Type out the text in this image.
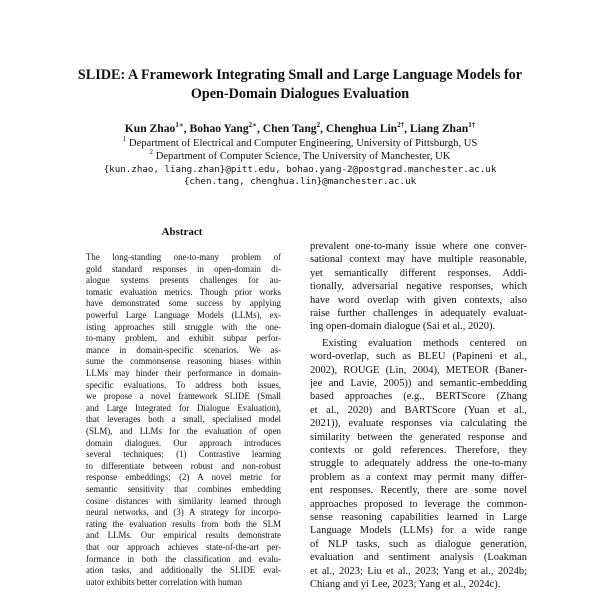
SLIDE: A Framework Integrating Small and Large Language Models for
Open-Domain Dialogues Evaluation
Kun Zhao$^{1∗}$, Bohao Yang$^{2∗}$, Chen Tang$^2$, Chenghua Lin$^{2\dagger}$, Liang Zhan$^{1\dagger}$
$^1$ Department of Electrical and Computer Engineering, University of Pittsburgh, US
$^2$ Department of Computer Science, The University of Manchester, UK
{kun.zhao, liang.zhan}@pitt.edu, bohao.yang-2@postgrad.manchester.ac.uk
{chen.tang, chenghua.lin}@manchester.ac.uk
Abstract
The long-standing one-to-many problem of
gold standard responses in open-domain di-
alogue systems presents challenges for au-
tomatic evaluation metrics. Though prior works
have demonstrated some success by applying
powerful Large Language Models (LLMs), ex-
isting approaches still struggle with the one-
to-many problem, and exhibit subpar perfor-
mance in domain-specific scenarios. We as-
sume the commonsense reasoning biases within
LLMs may hinder their performance in domain-
specific evaluations. To address both issues,
we propose a novel framework SLIDE (Small
and Large Integrated for Dialogue Evaluation),
that leverages both a small, specialised model
(SLM), and LLMs for the evaluation of open
domain dialogues. Our approach introduces
several techniques: (1) Contrastive learning
to differentiate between robust and non-robust
response embeddings; (2) A novel metric for
semantic sensitivity that combines embedding
cosine distances with similarity learned through
neural networks, and (3) A strategy for incorpo-
rating the evaluation results from both the SLM
and LLMs. Our empirical results demonstrate
that our approach achieves state-of-the-art per-
formance in both the classification and evalu-
ation tasks, and additionally the SLIDE eval-
uator exhibits better correlation with human
prevalent one-to-many issue where one conver-
sational context may have multiple reasonable,
yet semantically different responses. Addi-
tionally, adversarial negative responses, which
have word overlap with given contexts, also
raise further challenges in adequately evaluat-
ing open-domain dialogue (Sai et al., 2020).
Existing evaluation methods centered on
word-overlap, such as BLEU (Papineni et al.,
2002), ROUGE (Lin, 2004), METEOR (Baner-
jee and Lavie, 2005)) and semantic-embedding
based approaches (e.g., BERTScore (Zhang
et al., 2020) and BARTScore (Yuan et al.,
2021)), evaluate responses via calculating the
similarity between the generated response and
contexts or gold references. Therefore, they
struggle to adequately address the one-to-many
problem as a context may permit many differ-
ent responses. Recently, there are some novel
approaches proposed to leverage the common-
sense reasoning capabilities learned in Large
Language Models (LLMs) for a wide range
of NLP tasks, such as dialogue generation,
evaluation and sentiment analysis (Loakman
et al., 2023; Liu et al., 2023; Yang et al., 2024b;
Chiang and yi Lee, 2023; Yang et al., 2024c).
